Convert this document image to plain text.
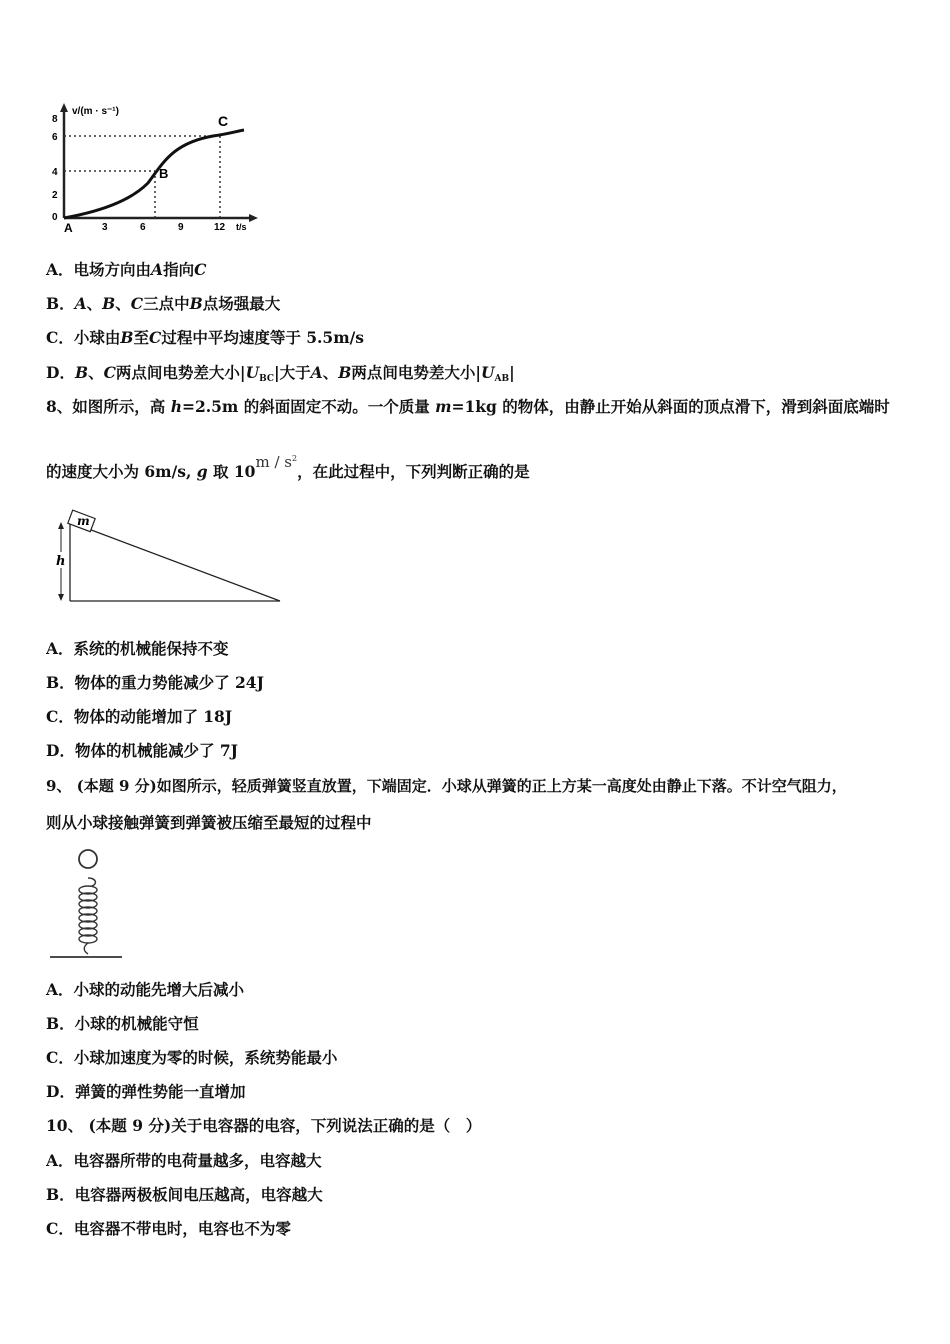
8
6
4
2
0
3	6	9	12
v/(m · s⁻¹)
t/s
A
B
C
A．电场方向由A指向C
B．A、B、C三点中B点场强最大
C．小球由B至C过程中平均速度等于 5.5m/s
D．B、C两点间电势差大小$|U_{BC}|$大于A、B两点间电势差大小$|U_{AB}|$
8、如图所示，高 h=2.5m 的斜面固定不动。一个质量 m=1kg 的物体，由静止开始从斜面的顶点滑下，滑到斜面底端时
的速度大小为 6m/s, g 取 $10m / s^2$，在此过程中，下列判断正确的是
m
h
A．系统的机械能保持不变
B．物体的重力势能减少了 24J
C．物体的动能增加了 18J
D．物体的机械能减少了 7J
9、 (本题 9 分)如图所示，轻质弹簧竖直放置，下端固定．小球从弹簧的正上方某一高度处由静止下落。不计空气阻力，
则从小球接触弹簧到弹簧被压缩至最短的过程中
A．小球的动能先增大后减小
B．小球的机械能守恒
C．小球加速度为零的时候，系统势能最小
D．弹簧的弹性势能一直增加
10、 (本题 9 分)关于电容器的电容，下列说法正确的是（　）
A．电容器所带的电荷量越多，电容越大
B．电容器两极板间电压越高，电容越大
C．电容器不带电时，电容也不为零
